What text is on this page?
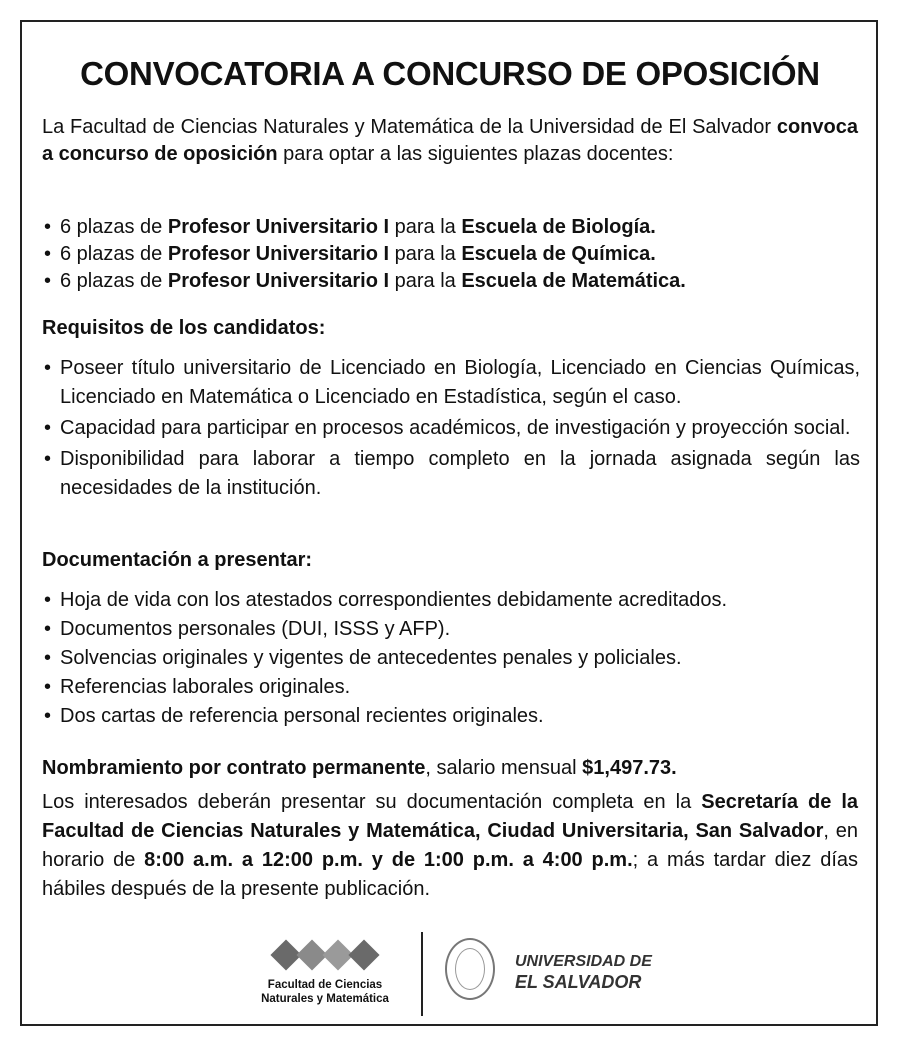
CONVOCATORIA A CONCURSO DE OPOSICIÓN
La Facultad de Ciencias Naturales y Matemática de la Universidad de El Salvador convoca a concurso de oposición para optar a las siguientes plazas docentes:
• 6 plazas de Profesor Universitario I para la Escuela de Biología.
• 6 plazas de Profesor Universitario I para la Escuela de Química.
• 6 plazas de Profesor Universitario I para la Escuela de Matemática.
Requisitos de los candidatos:
• Poseer título universitario de Licenciado en Biología, Licenciado en Ciencias Químicas, Licenciado en Matemática o Licenciado en Estadística, según el caso.
• Capacidad para participar en procesos académicos, de investigación y proyección social.
• Disponibilidad para laborar a tiempo completo en la jornada asignada según las necesidades de la institución.
Documentación a presentar:
• Hoja de vida con los atestados correspondientes debidamente acreditados.
• Documentos personales (DUI, ISSS y AFP).
• Solvencias originales y vigentes de antecedentes penales y policiales.
• Referencias laborales originales.
• Dos cartas de referencia personal recientes originales.
Nombramiento por contrato permanente, salario mensual $1,497.73.
Los interesados deberán presentar su documentación completa en la Secretaría de la Facultad de Ciencias Naturales y Matemática, Ciudad Universitaria, San Salvador, en horario de 8:00 a.m. a 12:00 p.m. y de 1:00 p.m. a 4:00 p.m.; a más tardar diez días hábiles después de la presente publicación.
Facultad de Ciencias
Naturales y Matemática
UNIVERSIDAD DE
EL SALVADOR
